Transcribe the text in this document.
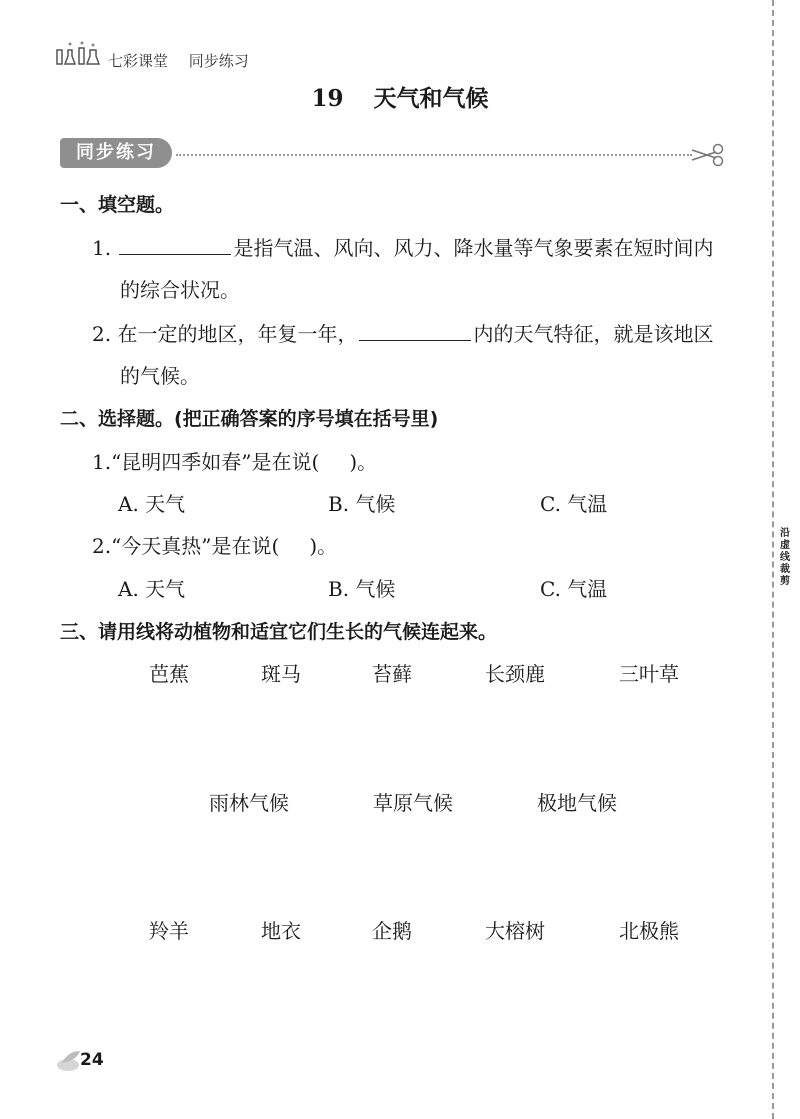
七彩课堂 同步练习
19 天气和气候
同步练习
沿虚线裁剪
一、填空题。
1.	是指气温、风向、风力、降水量等气象要素在短时间内
的综合状况。
2. 在一定的地区，年复一年，	内的天气特征，就是该地区
的气候。
二、选择题。(把正确答案的序号填在括号里)
1.“昆明四季如春”是在说( )。
A. 天气	B. 气候	C. 气温
2.“今天真热”是在说( )。
A. 天气	B. 气候	C. 气温
三、请用线将动植物和适宜它们生长的气候连起来。
芭蕉	斑马	苔藓	长颈鹿	三叶草
雨林气候	草原气候	极地气候
羚羊	地衣	企鹅	大榕树	北极熊
24
